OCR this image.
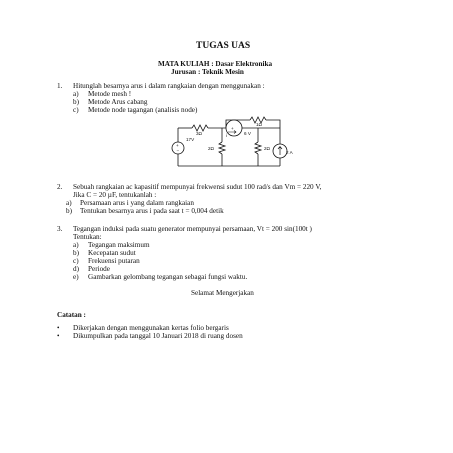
TUGAS UAS
MATA KULIAH : Dasar Elektronika
Jurusan : Teknik Mesin
1. Hitunglah besarnya arus i dalam rangkaian dengan menggunakan :
a) Metode mesh !
b) Metode Arus cabang
c) Metode node tagangan (analisis node)
+
+
−
1Ω
3Ω	i	6 V
17V
2Ω	2Ω
2 A
2. Sebuah rangkaian ac kapasitif mempunyai frekwensi sudut 100 rad/s dan Vm = 220 V,
Jika C = 20 µF, tentukanlah :
a) Persamaan arus i yang dalam rangkaian
b) Tentukan besarnya arus i pada saat t = 0,004 detik
3. Tegangan induksi pada suatu generator mempunyai persamaan, Vt = 200 sin(100t )
Tentukan:
a) Tegangan maksimum
b) Kecepatan sudut
c) Frekuensi putaran
d) Periode
e) Gambarkan gelombang tegangan sebagai fungsi waktu.
Selamat Mengerjakan
Catatan :
• Dikerjakan dengan menggunakan kertas folio bergaris
• Dikumpulkan pada tanggal 10 Januari 2018 di ruang dosen
